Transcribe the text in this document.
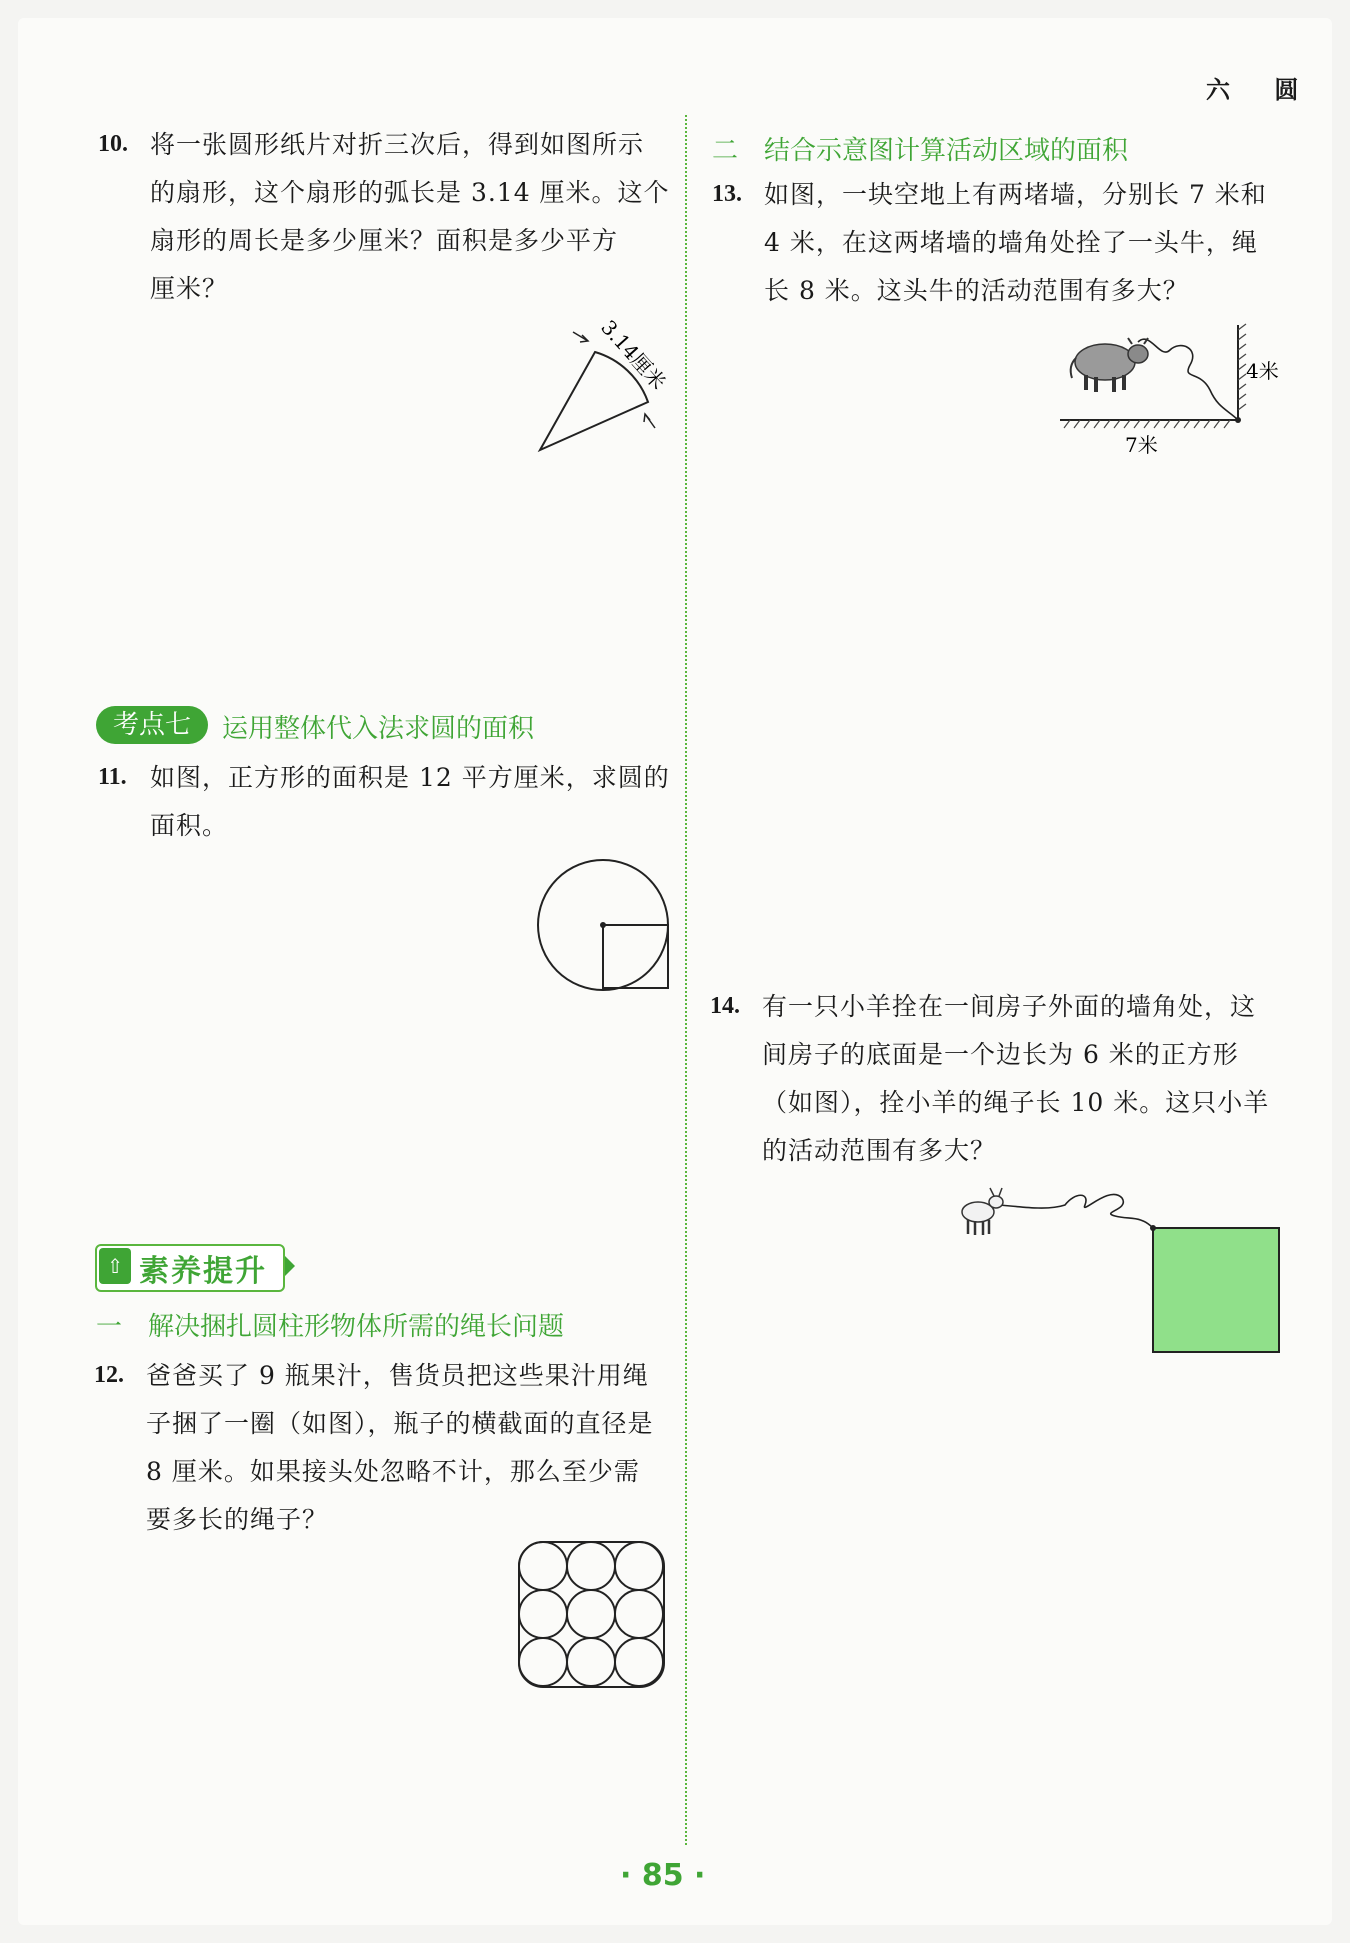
六 圆
10. 将一张圆形纸片对折三次后，得到如图所示
的扇形，这个扇形的弧长是 3.14 厘米。这个
扇形的周长是多少厘米？面积是多少平方
厘米？
3.14厘米
考点七	运用整体代入法求圆的面积
11. 如图，正方形的面积是 12 平方厘米，求圆的
面积。
⇧ 素养提升
一　解决捆扎圆柱形物体所需的绳长问题
12. 爸爸买了 9 瓶果汁，售货员把这些果汁用绳
子捆了一圈（如图），瓶子的横截面的直径是
8 厘米。如果接头处忽略不计，那么至少需
要多长的绳子？
二　结合示意图计算活动区域的面积
13. 如图，一块空地上有两堵墙，分别长 7 米和
4 米，在这两堵墙的墙角处拴了一头牛，绳
长 8 米。这头牛的活动范围有多大？
4米
7米
14. 有一只小羊拴在一间房子外面的墙角处，这
间房子的底面是一个边长为 6 米的正方形
（如图），拴小羊的绳子长 10 米。这只小羊
的活动范围有多大？
· 85 ·
